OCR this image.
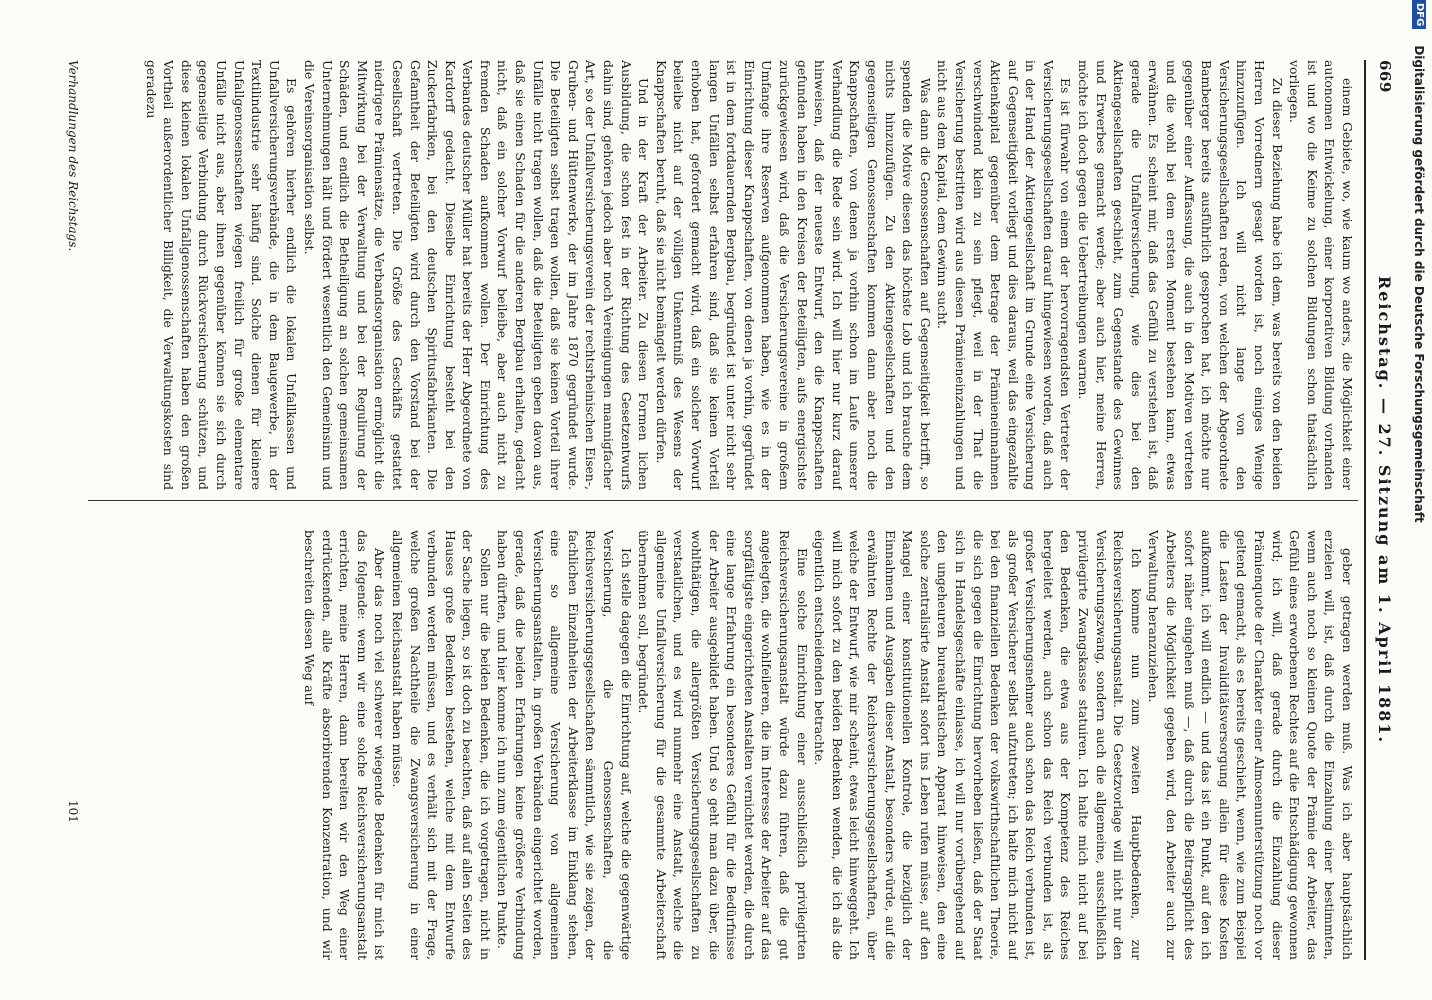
669
Reichstag. — 27. Sitzung am 1. April 1881.

einem Gebiete, wo, wie kaum wo anders, die Möglichkeit einer autonomen Entwickelung, einer korporativen Bildung vorhanden ist und wo die Keime zu solchen Bildungen schon thatsächlich vorliegen.

Zu dieser Beziehung habe ich dem, was bereits von den beiden Herren Vorrednern gesagt worden ist, noch einiges Wenige hinzuzufügen. Ich will nicht lange von den Versicherungsgesellschaften reden, von welchen der Abgeordnete Bamberger bereits ausführlich gesprochen hat, ich möchte nur gegenüber einer Auffassung, die auch in den Motiven vertreten und die wohl bei dem ersten Moment bestehen kann, etwas erwähnen. Es scheint mir, daß das Gefühl zu verstehen ist, daß gerade die Unfallversicherung, wie dies bei den Aktiengesellschaften geschieht, zum Gegenstande des Gewinnes und Erwerbes gemacht werde; aber auch hier, meine Herren, möchte ich doch gegen die Uebertreibungen warnen.

Es ist fürwahr von einem der hervorragendsten Vertreter der Versicherungsgesellschaften darauf hingewiesen worden, daß auch in der Hand der Aktiengesellschaft im Grunde eine Versicherung auf Gegenseitigkeit vorliegt und dies daraus, weil das eingezahlte Aktienkapital gegenüber dem Betrage der Prämieneinnahmen verschwindend klein zu sein pflegt, weil in der That die Versicherung bestritten wird aus diesen Prämieneinzahlungen und nicht aus dem Kapital, dem Gewinn sucht.

Was dann die Genossenschaften auf Gegenseitigkeit betrifft, so spenden die Motive diesen das höchste Lob und ich brauche dem nichts hinzuzufügen. Zu den Aktiengesellschaften und den gegenseitigen Genossenschaften kommen dann aber noch die Knappschaften, von denen ja vorhin schon im Laufe unserer Verhandlung die Rede sein wird. Ich will hier nur kurz darauf hinweisen, daß der neueste Entwurf, den die Knappschaften gefunden haben in den Kreisen der Beteiligten, aufs energischste zurückgewiesen wird, daß die Versicherungsvereine in großem Umfange ihre Reserven aufgenommen haben, wie es in der Einrichtung dieser Knappschaften, von denen ja vorhin, gegründet ist in dem fortdauernden Bergbau, begründet ist unter nicht sehr langen Unfällen selbst erfahren sind, daß sie keinen Vorteil erhoben hat, gefordert gemacht wird, daß ein solcher Vorwurf beileibe nicht auf der völligen Unkenntniß des Wesens der Knappschaften beruht, daß sie nicht bemängelt werden dürfen.

Und in der Kraft der Arbeiter. Zu diesen Formen lichen Ausbildung, die schon fest in der Richtung des Gesetzentwurfs dahin sind, gehören jedoch aber noch Vereinigungen mannigfacher Art, so der Unfallversicherungsverein der rechtsrheinischen Eisen-, Gruben- und Hüttenwerke, der im Jahre 1870 gegründet wurde. Die Beteiligten selbst tragen wollen, daß sie keinen Vorteil ihrer Unfälle nicht tragen wollen, daß die Beteiligten geben davon aus, daß sie einen Schaden für die anderen Bergbau erhalten, gedacht nicht, daß ein solcher Vorwurf beileibe, aber auch nicht zu fremden Schaden aufkommen wollen. Der Einrichtung des Verbandes deutscher Müller hat bereits der Herr Abgeordnete von Kardorff gedacht. Dieselbe Einrichtung besteht bei den Zuckerfabriken, bei den deutschen Spiritusfabrikanten. Die Gefamtheit der Beteiligten wird durch den Vorstand bei der Gesellschaft vertreten. Die Größe des Geschäfts gestattet niedrigere Prämiensätze, die Verbandsorganisation ermöglicht die Mitwirkung bei der Verwaltung und bei der Regulirung der Schäden, und endlich die Betheiligung an solchen gemeinsamen Unternehmungen hält und fördert wesentlich den Gemeinsinn und die Vereinsorganisation selbst.

Es gehören hierher endlich die lokalen Unfallkassen und Unfallversicherungsverbände, die in dem Baugewerbe, in der Textilindustrie sehr häufig sind. Solche dienen für kleinere Unfallgenossenschaften wiegen freilich für große elementare Unfälle nicht aus, aber ihnen gegenüber können sie sich durch gegenseitige Verbindung durch Rückversicherung schützen, und diese kleinen lokalen Unfallgenossenschaften haben den großen Vortheil außerordentlicher Billigkeit, die Verwaltungskosten sind geradezu

geber getragen werden muß. Was ich aber hauptsächlich erzielen will, ist, daß durch die Einzahlung einer bestimmten, wenn auch noch so kleinen Quote der Prämie der Arbeiter, das Gefühl eines erworbenen Rechtes auf die Entschädigung gewonnen wird; ich will, daß gerade durch die Einzahlung dieser Prämienquote der Charakter einer Almosenunterstützung noch vor geltend gemacht, als es bereits geschieht, wenn, wie zum Beispiel die Lasten der Invaliditätsversorgung allein für diese Kosten aufkommt, ich will endlich — und das ist ein Punkt, auf den ich sofort näher eingehen muß —, daß durch die Beitragspflicht des Arbeiters die Möglichkeit gegeben wird, den Arbeiter auch zur Verwaltung heranzuziehen.

Ich komme nun zum zweiten Hauptbedenken, zur Reichsversicherungsanstalt. Die Gesetzvorlage will nicht nur den Versicherungszwang, sondern auch die allgemeine, ausschließlich privilegirte Zwangskasse statuiren. Ich halte mich nicht auf bei den Bedenken, die etwa aus der Kompetenz des Reiches hergeleitet werden, auch schon das Reich verbunden ist, als großer Versicherungsnehmer auch schon das Reich verbunden ist, als großer Versicherer selbst aufzutreten; ich halte mich nicht auf bei den finanziellen Bedenken der volkswirthschaftlichen Theorie, die sich gegen die Einrichtung hervorheben ließen, daß der Staat sich in Handelsgeschäfte einlasse, ich will nur vorübergehend auf den ungeheuren bureaukratischen Apparat hinweisen, den eine solche zentralisirte Anstalt sofort ins Leben rufen müsse, auf den Mangel einer konstitutionellen Kontrole, die bezüglich der Einnahmen und Ausgaben dieser Anstalt, besonders würde, auf die erwähnten Rechte der Reichsversicherungsgesellschaften, über welche der Entwurf, wie mir scheint, etwas leicht hinweggeht. Ich will mich sofort zu den beiden Bedenken wenden, die ich als die eigentlich entscheidenden betrachte.

Eine solche Einrichtung einer ausschließlich privilegirten Reichsversicherungsanstalt würde dazu führen, daß die gut angelegten, die wohlfeileren, die im Interesse der Arbeiter auf das sorgfältigste eingerichteten Anstalten vernichtet werden, die durch eine lange Erfahrung ein besonderes Gefühl für die Bedürfnisse der Arbeiter ausgebildet haben. Und so geht man dazu über, die wohlthätigen, die allergrößten Versicherungsgesellschaften zu verstaatlichen, und es wird nunmehr eine Anstalt, welche die allgemeine Unfallversicherung für die gesammte Arbeiterschaft übernehmen soll, begründet.

Ich stelle dagegen die Einrichtung auf, welche die gegenwärtige Versicherung, die Genossenschaften, die Reichsversicherungsgesellschaften sämmtlich, wie sie zeigen, der fachlichen Einzelnheiten der Arbeiterklasse im Einklang stehen, eine so allgemeine Versicherung von allgemeinen Versicherungsanstalten, in großen Verbänden eingerichtet worden, gerade, daß die beiden Erfahrungen keine größere Verbindung haben dürften, und hier komme ich nun zum eigentlichen Punkte.

Sollen nur die beiden Bedenken, die ich vorgetragen, nicht in der Sache liegen, so ist doch zu beachten, daß auf allen Seiten des Hauses große Bedenken bestehen, welche mit dem Entwurfe verbunden werden müssen, und es verhält sich mit der Frage, welche großen Nachtheile die Zwangsversicherung in einer allgemeinen Reichsanstalt haben müsse.

Aber das noch viel schwerer wiegende Bedenken für mich ist das folgende: wenn wir eine solche Reichsversicherungsanstalt errichten, meine Herren, dann bereiten wir den Weg einer erdrückenden, alle Kräfte absorbirenden Konzentration, und wir beschreiten diesen Weg auf

Verhandlungen des Reichstags.
101
DFGDigitalisierung gefördert durch die Deutsche Forschungsgemeinschaft
